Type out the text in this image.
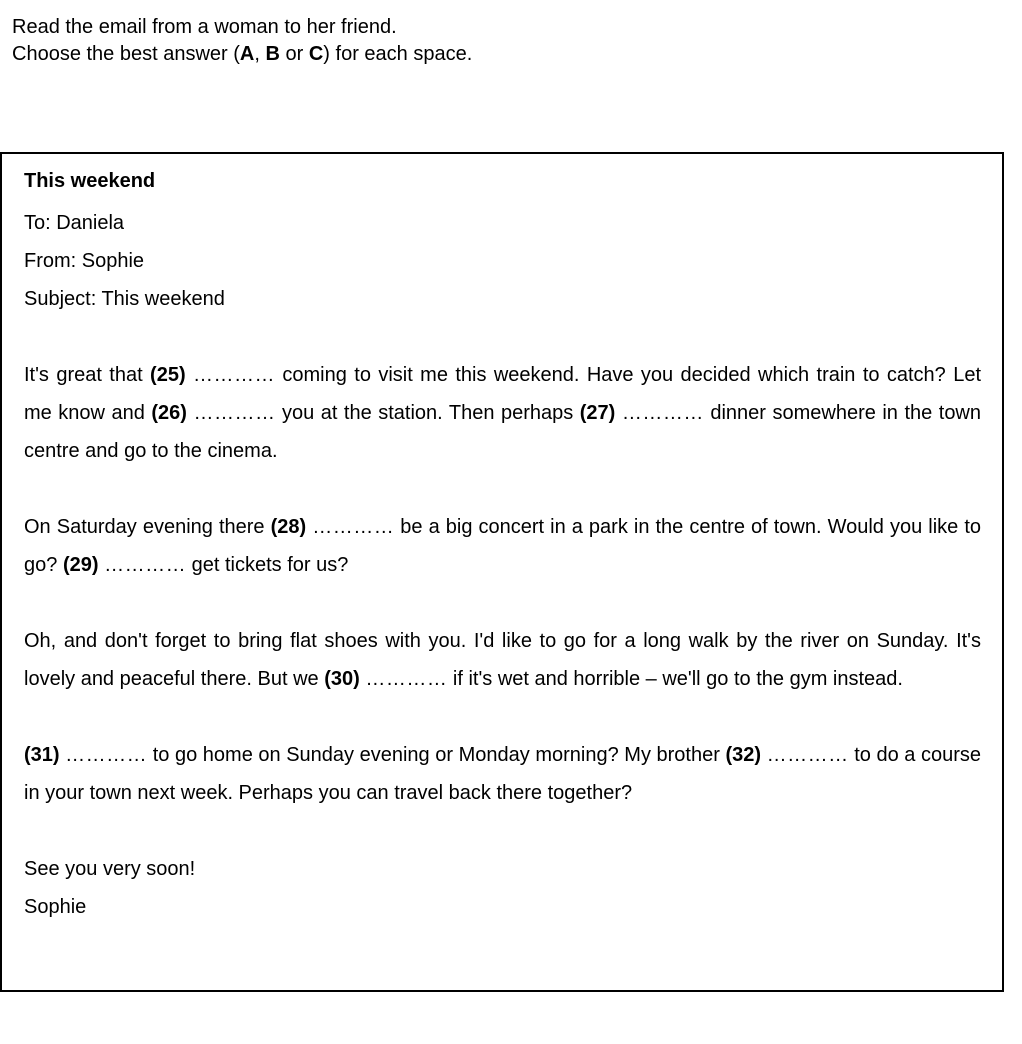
Read the email from a woman to her friend.

Choose the best answer (A, B or C) for each space.

This weekend

To: Daniela

From: Sophie

Subject: This weekend

It's great that (25) ………… coming to visit me this weekend. Have you decided which train to catch? Let me know and (26) ………… you at the station. Then perhaps (27) ………… dinner somewhere in the town centre and go to the cinema.

On Saturday evening there (28) ………… be a big concert in a park in the centre of town. Would you like to go? (29) ………… get tickets for us?

Oh, and don't forget to bring flat shoes with you. I'd like to go for a long walk by the river on Sunday. It's lovely and peaceful there. But we (30) ………… if it's wet and horrible – we'll go to the gym instead.

(31) ………… to go home on Sunday evening or Monday morning? My brother (32) ………… to do a course in your town next week. Perhaps you can travel back there together?

See you very soon!

Sophie
